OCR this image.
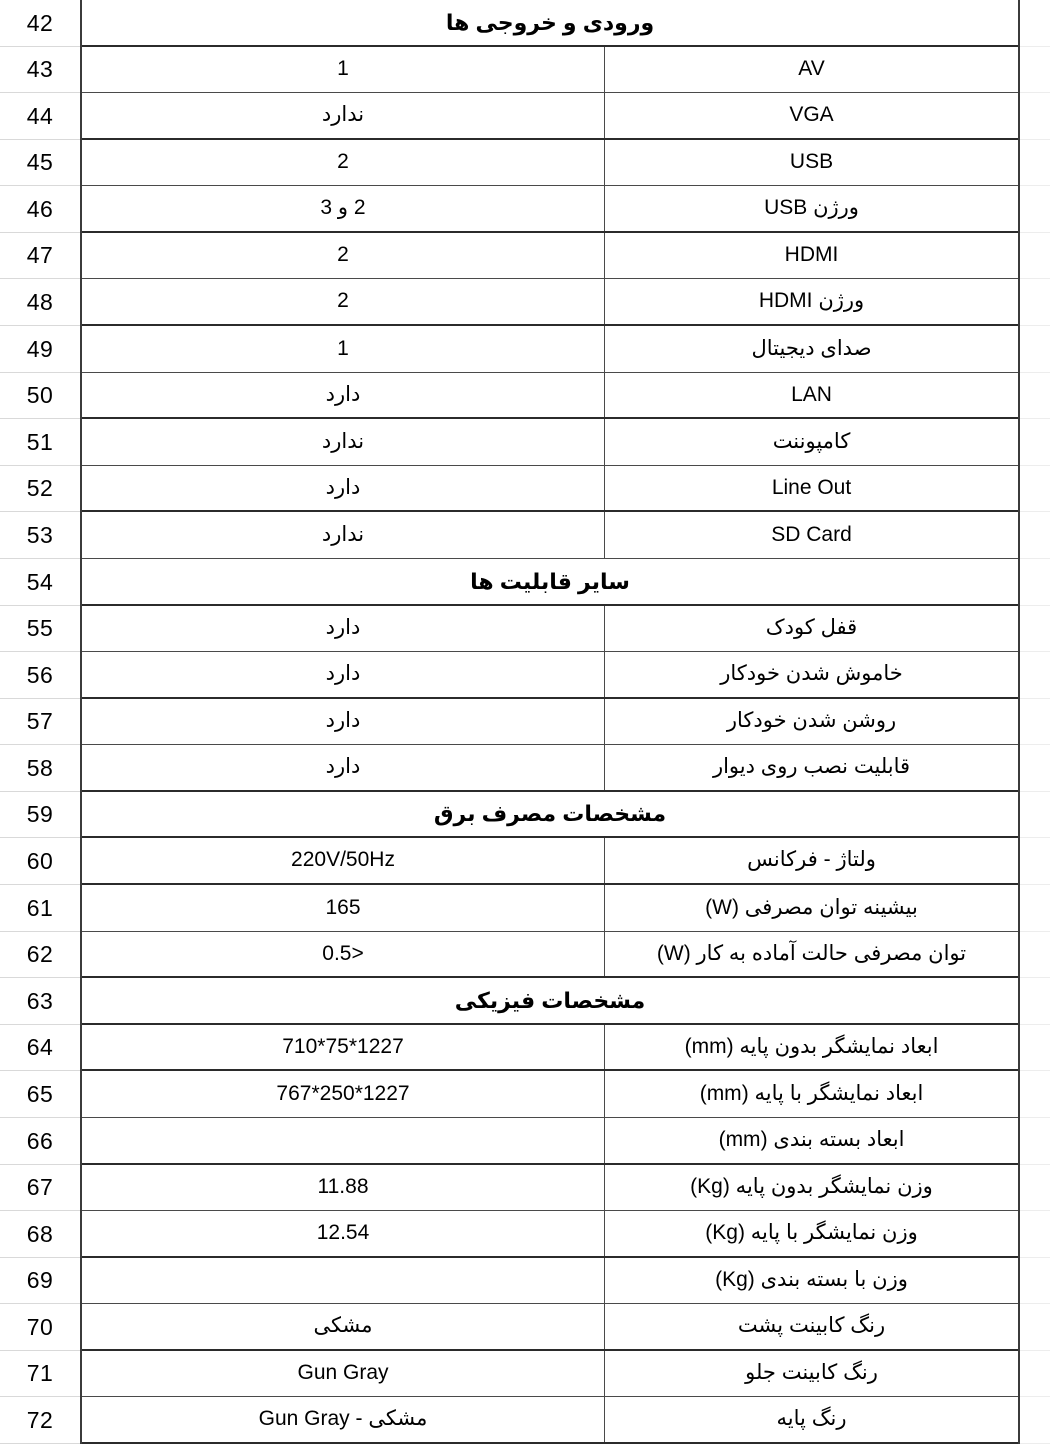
42
43
44
45
46
47
48
49
50
51
52
53
54
55
56
57
58
59
60
61
62
63
64
65
66
67
68
69
70
71
72
ورودی و خروجی ها
AV
1
VGA
ندارد
USB
2
ورژن USB
2 و 3
HDMI
2
ورژن HDMI
2
صدای دیجیتال
1
LAN
دارد
کامپوننت
ندارد
Line Out
دارد
SD Card
ندارد
سایر قابلیت ها
قفل کودک
دارد
خاموش شدن خودکار
دارد
روشن شدن خودکار
دارد
قابلیت نصب روی دیوار
دارد
مشخصات مصرف برق
ولتاژ - فرکانس
220V/50Hz
بیشینه توان مصرفی (W)
165
توان مصرفی حالت آماده به کار (W)
<0.5
مشخصات فیزیکی
ابعاد نمایشگر بدون پایه (mm)
1227*75*710
ابعاد نمایشگر با پایه (mm)
1227*250*767
ابعاد بسته بندی (mm)
وزن نمایشگر بدون پایه (Kg)
11.88
وزن نمایشگر با پایه (Kg)
12.54
وزن با بسته بندی (Kg)
رنگ کابینت پشت
مشکی
رنگ کابینت جلو
Gun Gray
رنگ پایه
مشکی - Gun Gray
